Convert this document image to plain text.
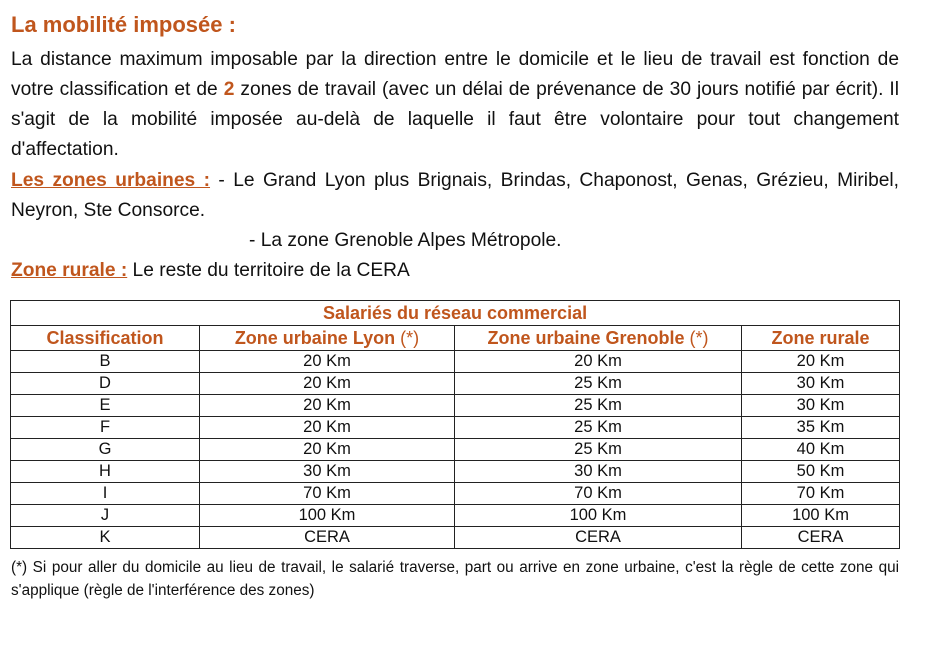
La mobilité imposée :

La distance maximum imposable par la direction entre le domicile et le lieu de travail est fonction de votre classification et de 2 zones de travail (avec un délai de prévenance de 30 jours notifié par écrit). Il s'agit de la mobilité imposée au-delà de laquelle il faut être volontaire pour tout changement d'affectation.

Les zones urbaines : - Le Grand Lyon plus Brignais, Brindas, Chaponost, Genas, Grézieu, Miribel, Neyron, Ste Consorce.

- La zone Grenoble Alpes Métropole.

Zone rurale : Le reste du territoire de la CERA

Salariés du réseau commercial			
Classification	Zone urbaine Lyon (*)	Zone urbaine Grenoble (*)	Zone rurale
B	20 Km	20 Km	20 Km
D	20 Km	25 Km	30 Km
E	20 Km	25 Km	30 Km
F	20 Km	25 Km	35 Km
G	20 Km	25 Km	40 Km
H	30 Km	30 Km	50 Km
I	70 Km	70 Km	70 Km
J	100 Km	100 Km	100 Km
K	CERA	CERA	CERA

(*) Si pour aller du domicile au lieu de travail, le salarié traverse, part ou arrive en zone urbaine, c'est la règle de cette zone qui s'applique (règle de l'interférence des zones)
